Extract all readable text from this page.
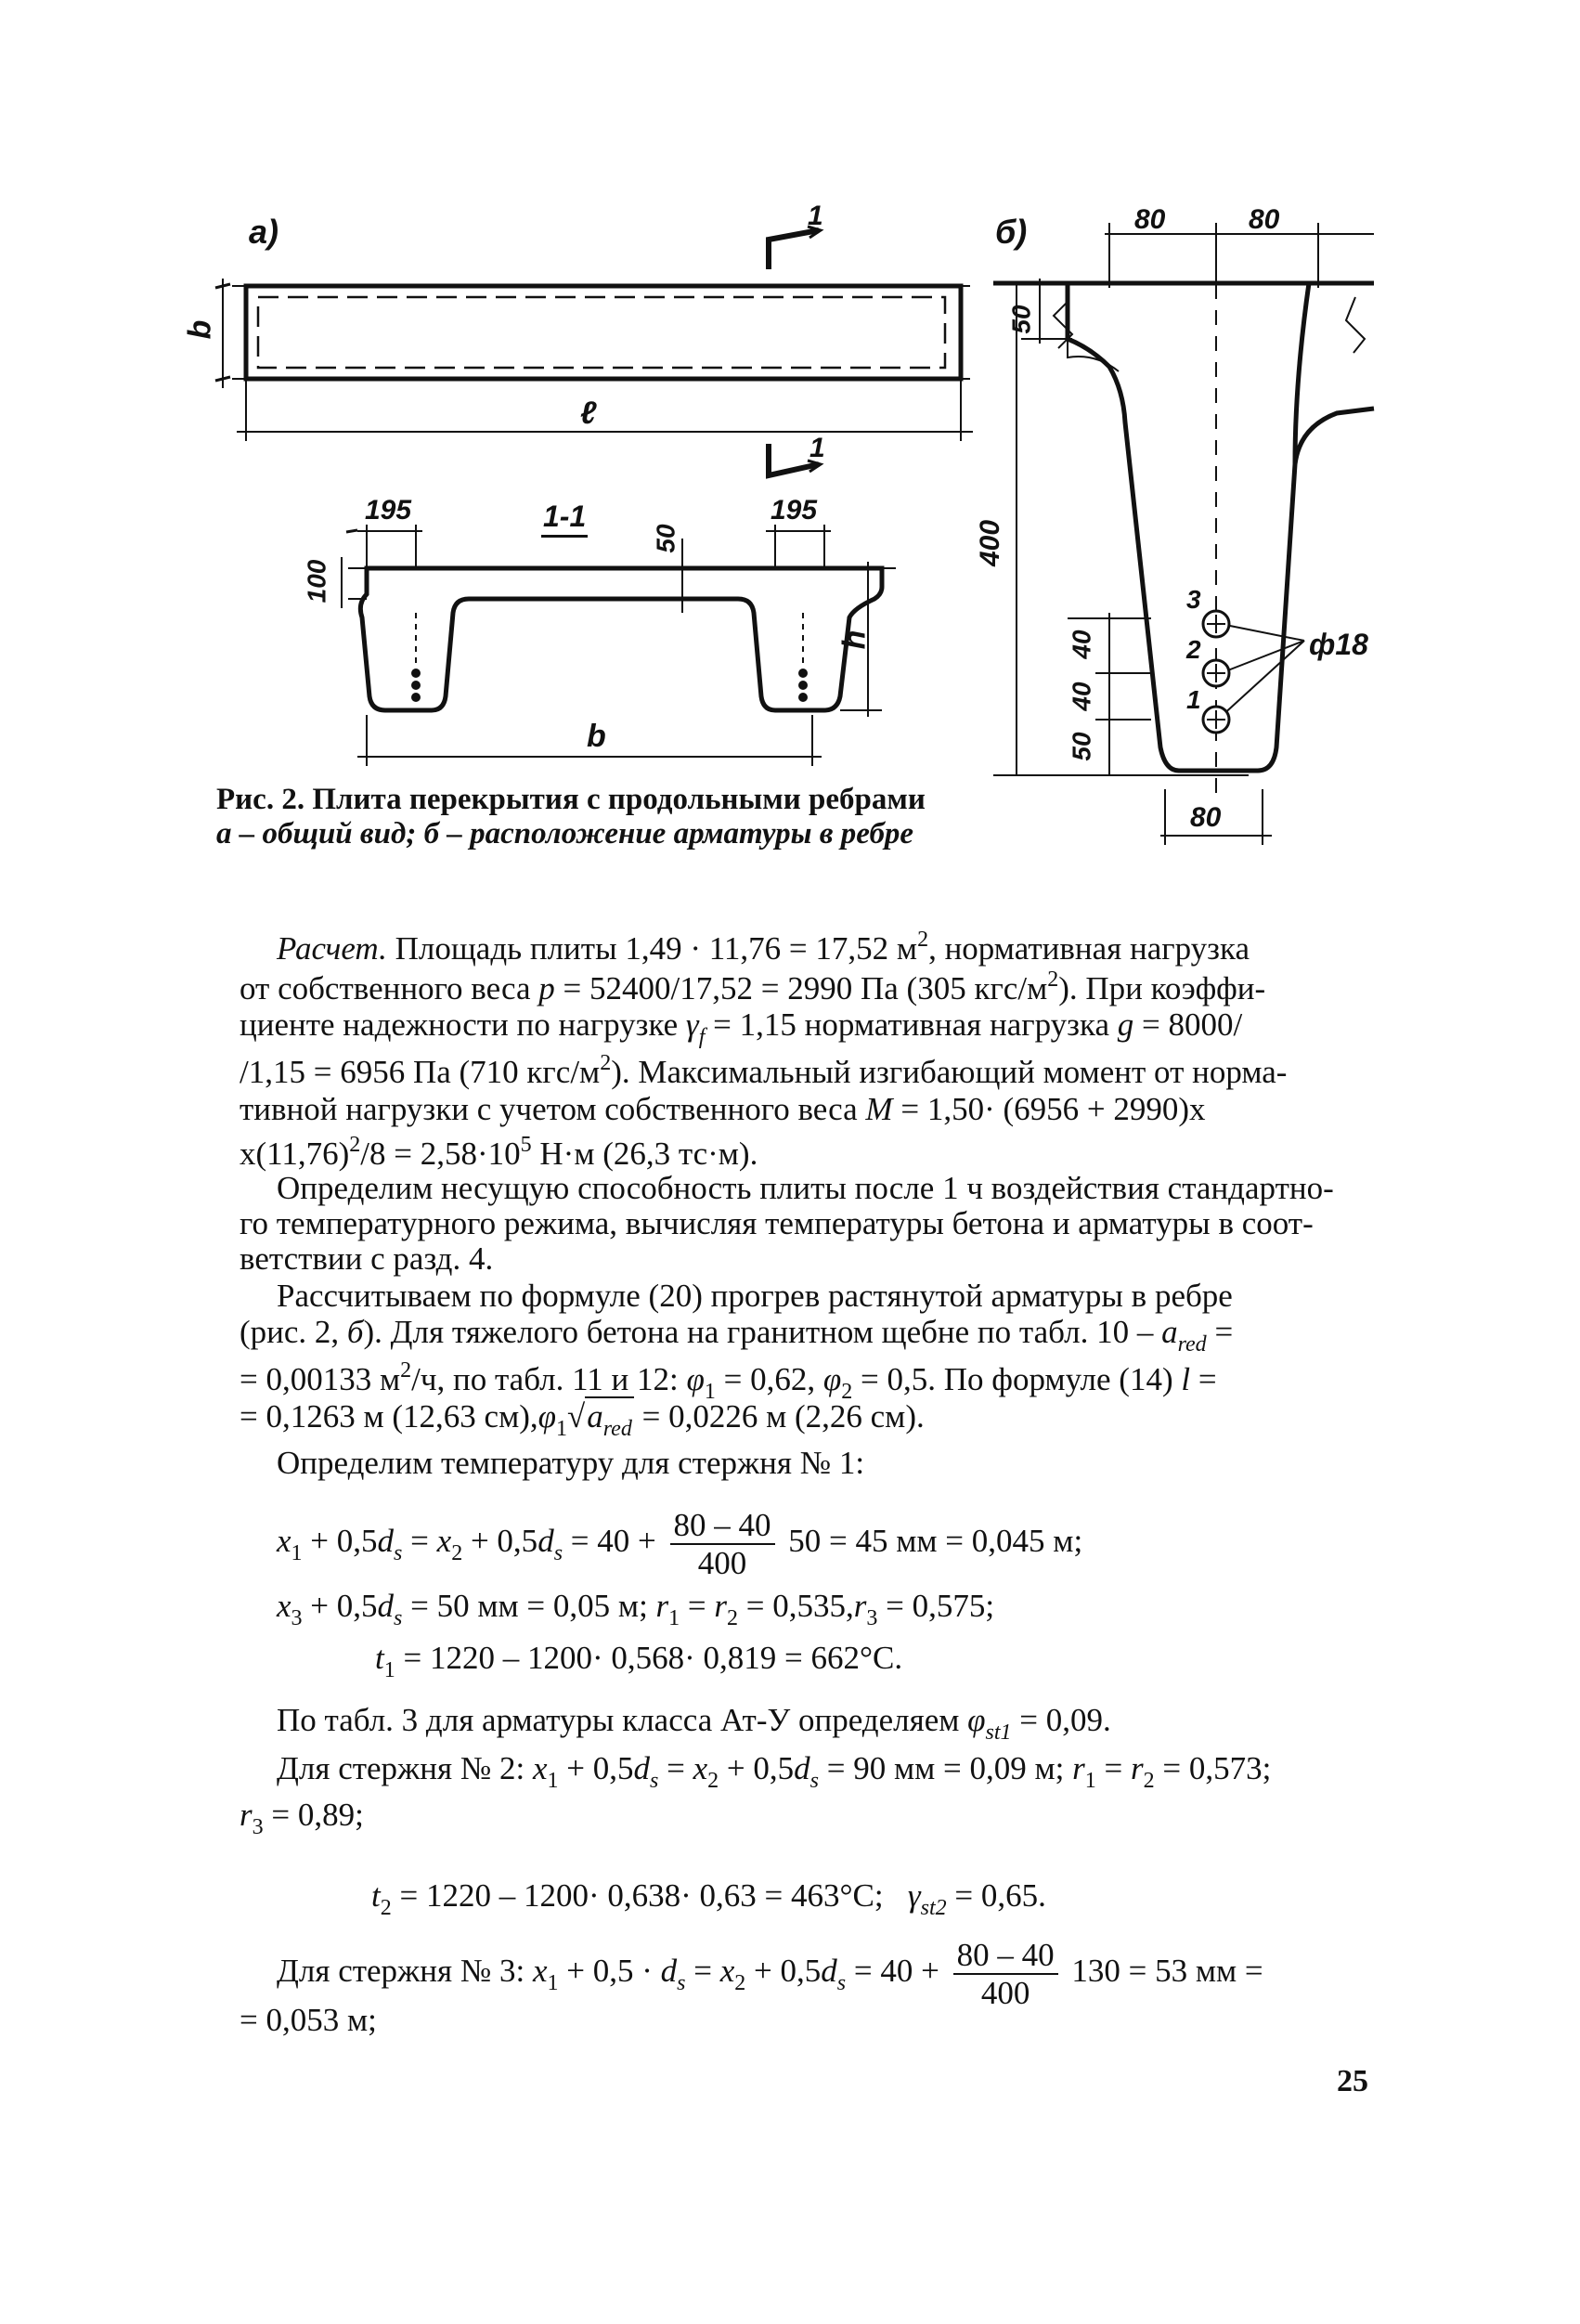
а)	б)
1
1
b
ℓ
1-1
195	195
100
50
h
b
80	80
50
400
40
40
50
80
3
2
1
ф18
Рис. 2. Плита перекрытия с продольными ребрами
а – общий вид; б – расположение арматуры в ребре
Расчет. Площадь плиты 1,49 · 11,76 = 17,52 $м^2$, нормативная нагрузка
от собственного веса p = 52400/17,52 = 2990 Па (305 кгс/$м^2$). При коэффи-
циенте надежности по нагрузке $\gamma_f = 1,15$ нормативная нагрузка g = 8000/
/1,15 = 6956 Па (710 кгс/$м^2$). Максимальный изгибающий момент от норма-
тивной нагрузки с учетом собственного веса M = 1,50· (6956 + 2990)x
$x(11,76)^2/8 = 2,58\cdot 10^5$ Н·м (26,3 тс·м).
Определим несущую способность плиты после 1 ч воздействия стандартно-
го температурного режима, вычисляя температуры бетона и арматуры в соот-
ветствии с разд. 4.
Рассчитываем по формуле (20) прогрев растянутой арматуры в ребре
(рис. 2, б). Для тяжелого бетона на гранитном щебне по табл. $10 - a_{red}$ =
= 0,00133 $м^2/ч$, по табл. 11 и 12: $\varphi_1 = 0,62$, $\varphi_2 = 0,5$. По формуле (14) l =
= 0,1263 м (12,63 $см),\varphi_1√a_{red} = 0,0226$ м (2,26 см).
Определим температуру для стержня № 1:
$x_1 + 0,5d_s = x_2 + 0,5d_s = 40 + \frac{80 - 40}{400} 50 = 45$ мм = 0,045 м;
$x_3 + 0,5d_s = 50$ мм = 0,05 м; $r_1 = r_2 = 0,535,r_3 = 0,575$;
$t_1 = 1220 - 1200\cdot 0,568\cdot 0,819 = 662^\circ С$.
По табл. 3 для арматуры класса Ат-У определяем $\varphi_{st1} = 0,09$.
Для стержня № 2: $x_1 + 0,5d_s = x_2 + 0,5d_s = 90$ мм = 0,09 м; $r_1 = r_2 = 0,573$;
$r_3 = 0,89$;
$t_2 = 1220 - 1200\cdot 0,638\cdot 0,63 = 463^\circ С$; $\gamma_{st2} = 0,65$.
Для стержня № 3: $x_1 + 0,5 \cdot d_s = x_2 + 0,5d_s = 40 + \frac{80 - 40}{400} 130 = 53$ мм =
= 0,053 м;
25
